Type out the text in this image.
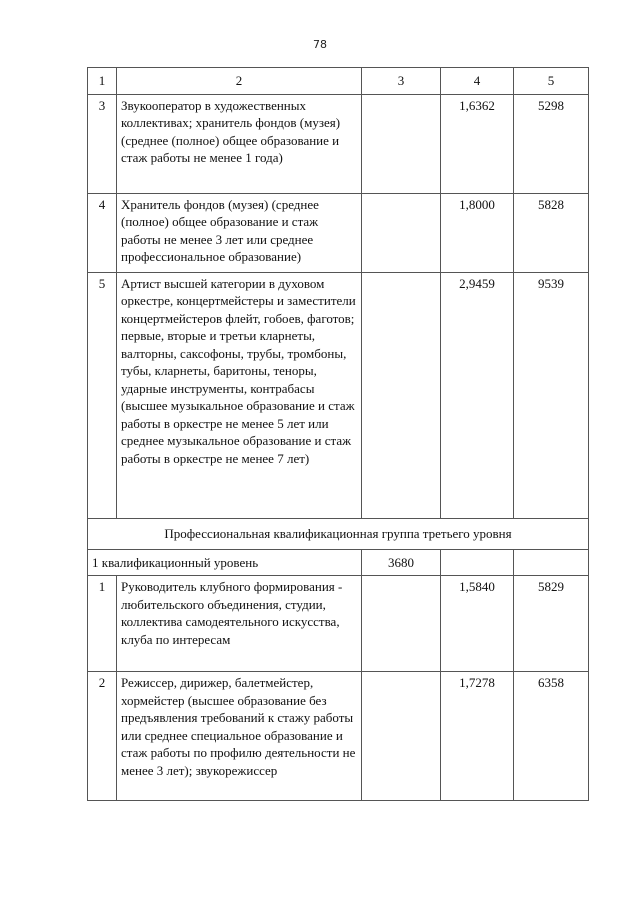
78
1	2	3	4	5
3	Звукооператор в художественных коллективах; хранитель фондов (музея) (среднее (полное) общее образование и стаж работы не менее 1 года)		1,6362	5298
4	Хранитель фондов (музея) (среднее (полное) общее образование и стаж работы не менее 3 лет или среднее профессиональное образование)		1,8000	5828
5	Артист высшей категории в духовом оркестре, концертмейстеры и заместители концертмейстеров флейт, гобоев, фаготов; первые, вторые и третьи кларнеты, валторны, саксофоны, трубы, тромбоны, тубы, кларнеты, баритоны, теноры, ударные инструменты, контрабасы (высшее музыкальное образование и стаж работы в оркестре не менее 5 лет или среднее музыкальное образование и стаж работы в оркестре не менее 7 лет)		2,9459	9539
Профессиональная квалификационная группа третьего уровня				
1 квалификационный уровень		3680		
1	Руководитель клубного формирования - любительского объединения, студии, коллектива самодеятельного искусства, клуба по интересам		1,5840	5829
2	Режиссер, дирижер, балетмейстер, хормейстер (высшее образование без предъявления требований к стажу работы или среднее специальное образование и стаж работы по профилю деятельности не менее 3 лет); звукорежиссер		1,7278	6358
